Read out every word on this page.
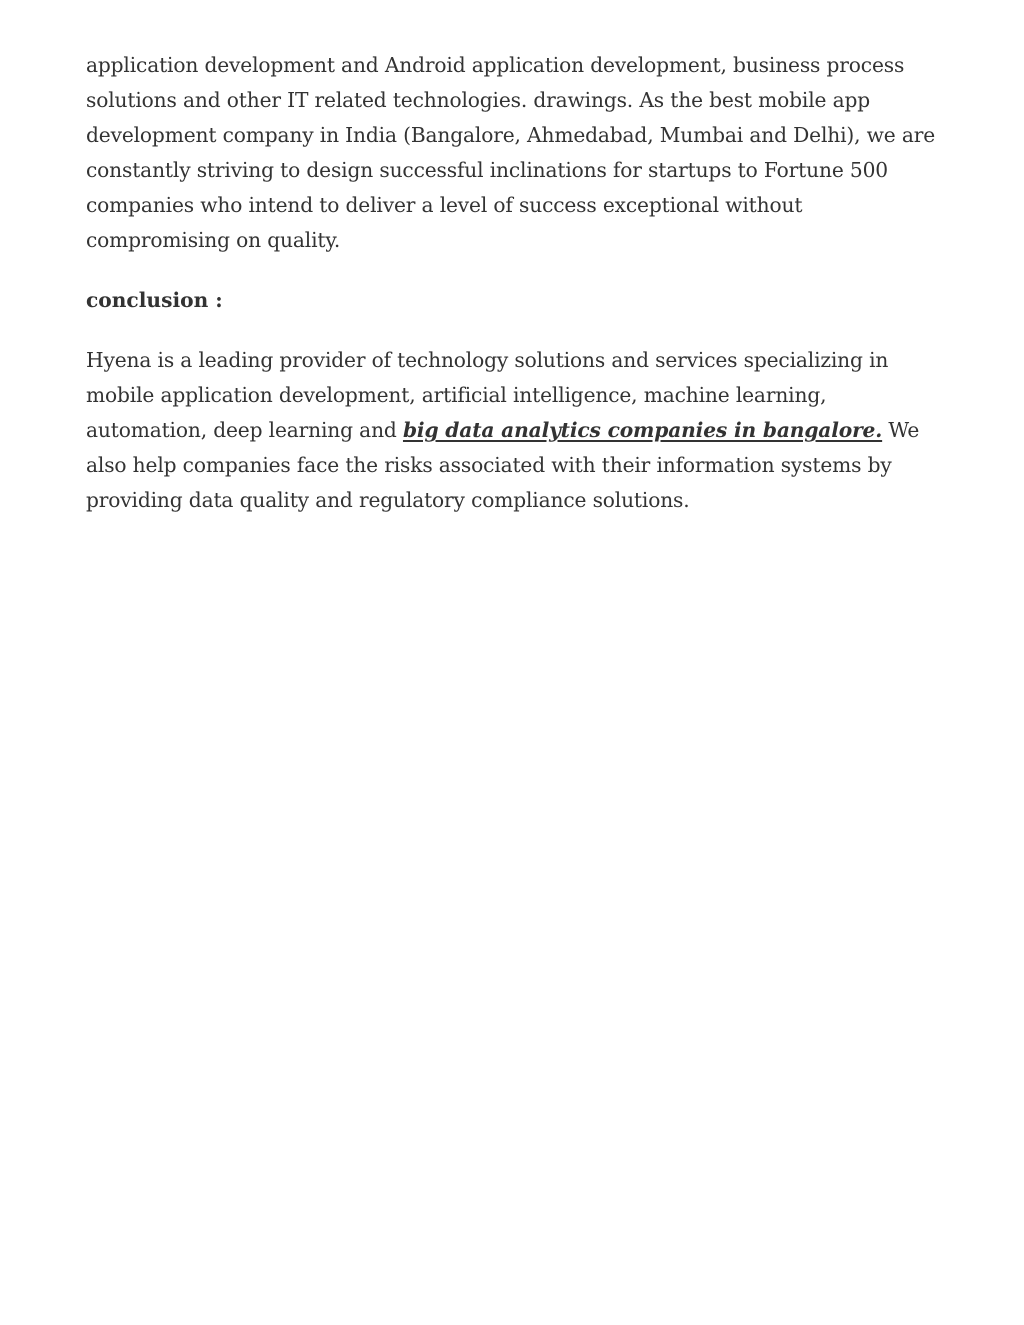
application development and Android application development, business process solutions and other IT related technologies. drawings. As the best mobile app development company in India (Bangalore, Ahmedabad, Mumbai and Delhi), we are constantly striving to design successful inclinations for startups to Fortune 500 companies who intend to deliver a level of success exceptional without compromising on quality.

conclusion :

Hyena is a leading provider of technology solutions and services specializing in mobile application development, artificial intelligence, machine learning, automation, deep learning and big data analytics companies in bangalore. We also help companies face the risks associated with their information systems by providing data quality and regulatory compliance solutions.
